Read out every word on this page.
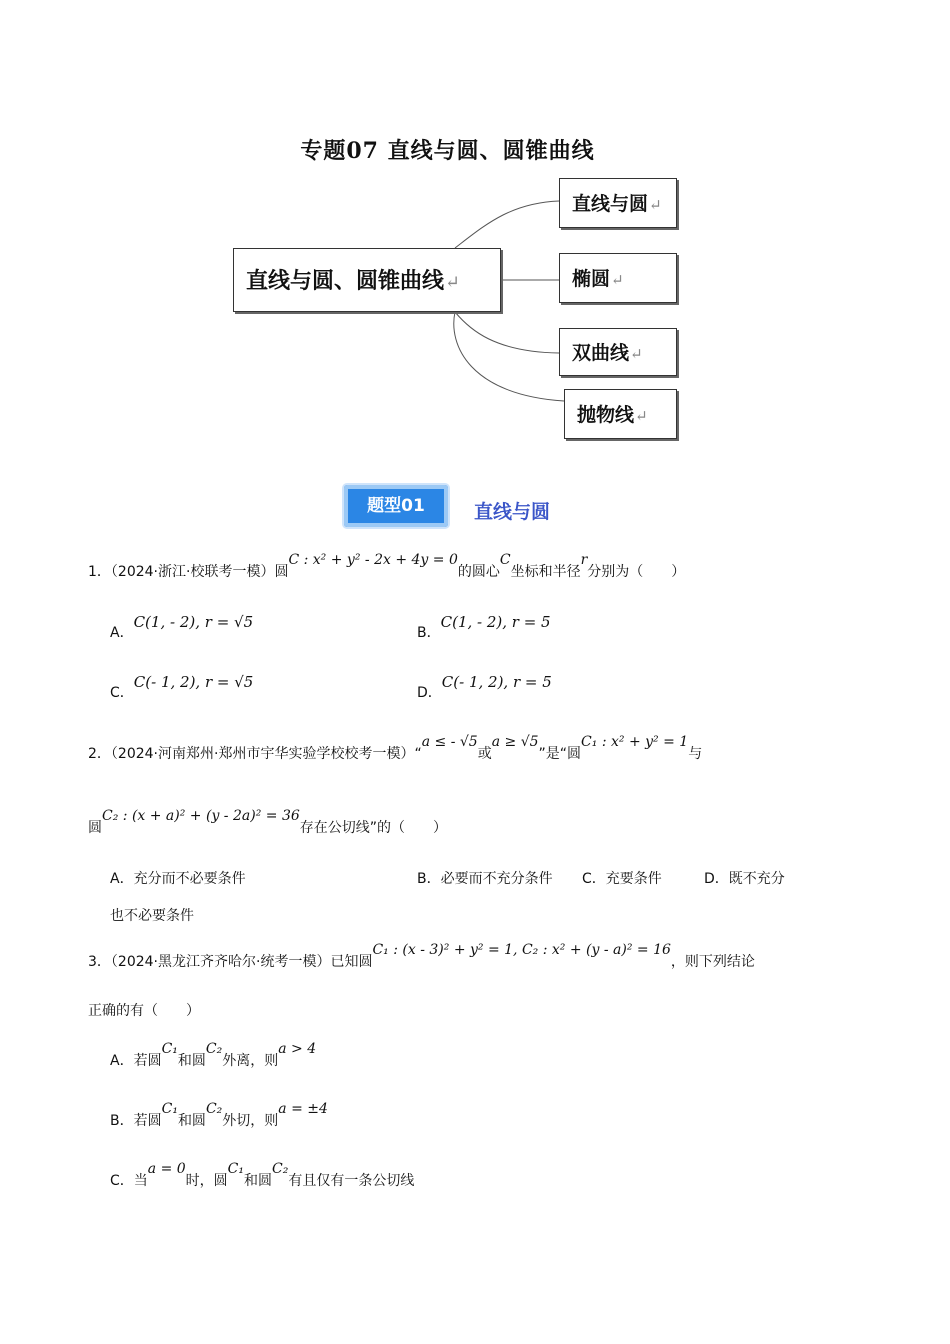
专题07 直线与圆、圆锥曲线
直线与圆、圆锥曲线↵
直线与圆↵
椭圆↵
双曲线↵
抛物线↵
题型01	直线与圆
1．（2024·浙江·校联考一模）圆C : x² + y² - 2x + 4y = 0的圆心C坐标和半径r分别为（　　）
A．C(1, - 2), r = √5
B．C(1, - 2), r = 5
C．C(- 1, 2), r = √5
D．C(- 1, 2), r = 5
2．（2024·河南郑州·郑州市宇华实验学校校考一模）“a ≤ - √5或a ≥ √5”是“圆C₁ : x² + y² = 1与
圆C₂ : (x + a)² + (y - 2a)² = 36存在公切线”的（　　）
A．充分而不必要条件	B．必要而不充分条件 C．充要条件	D．既不充分
也不必要条件
3．（2024·黑龙江齐齐哈尔·统考一模）已知圆C₁ : (x - 3)² + y² = 1, C₂ : x² + (y - a)² = 16，则下列结论
正确的有（　　）
A．若圆C₁和圆C₂外离，则a > 4
B．若圆C₁和圆C₂外切，则a = ±4
C．当a = 0时，圆C₁和圆C₂有且仅有一条公切线
